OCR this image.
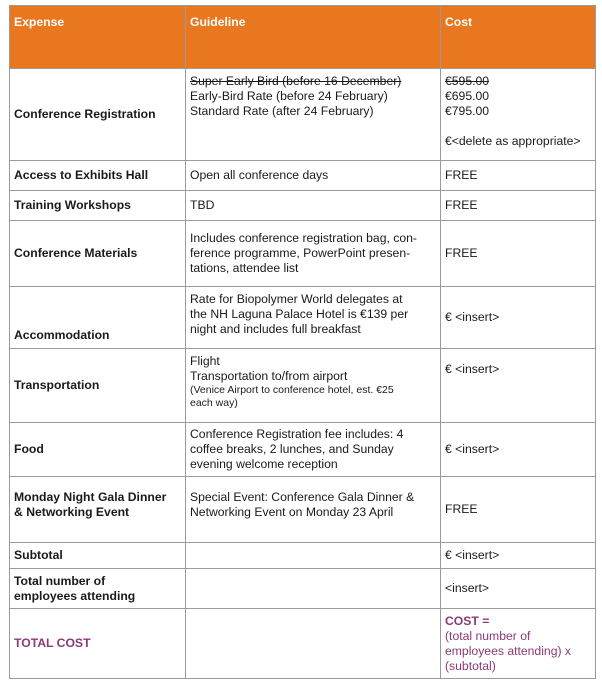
Expense	Guideline	Cost
Conference Registration	Super Early Bird (before 16 December)
Early-Bird Rate (before 24 February)
Standard Rate (after 24 February)	€595.00
€695.00
€795.00
€<delete as appropriate>

Access to Exhibits Hall	Open all conference days	FREE
Training Workshops	TBD	FREE
Conference Materials	Includes conference registration bag, con-
ference programme, PowerPoint presen-
tations, attendee list	FREE
Accommodation	Rate for Biopolymer World delegates at
the NH Laguna Palace Hotel is €139 per
night and includes full breakfast	€ <insert>
Transportation	Flight
Transportation to/from airport
(Venice Airport to conference hotel, est. €25
each way)	€ <insert>
Food	Conference Registration fee includes: 4
coffee breaks, 2 lunches, and Sunday
evening welcome reception	€ <insert>

Monday Night Gala Dinner
& Networking Event	Special Event: Conference Gala Dinner &
Networking Event on Monday 23 April	FREE
Subtotal		€ <insert>

Total number of
employees attending		<insert>
TOTAL COST		COST =
(total number of
employees attending) x
(subtotal)
